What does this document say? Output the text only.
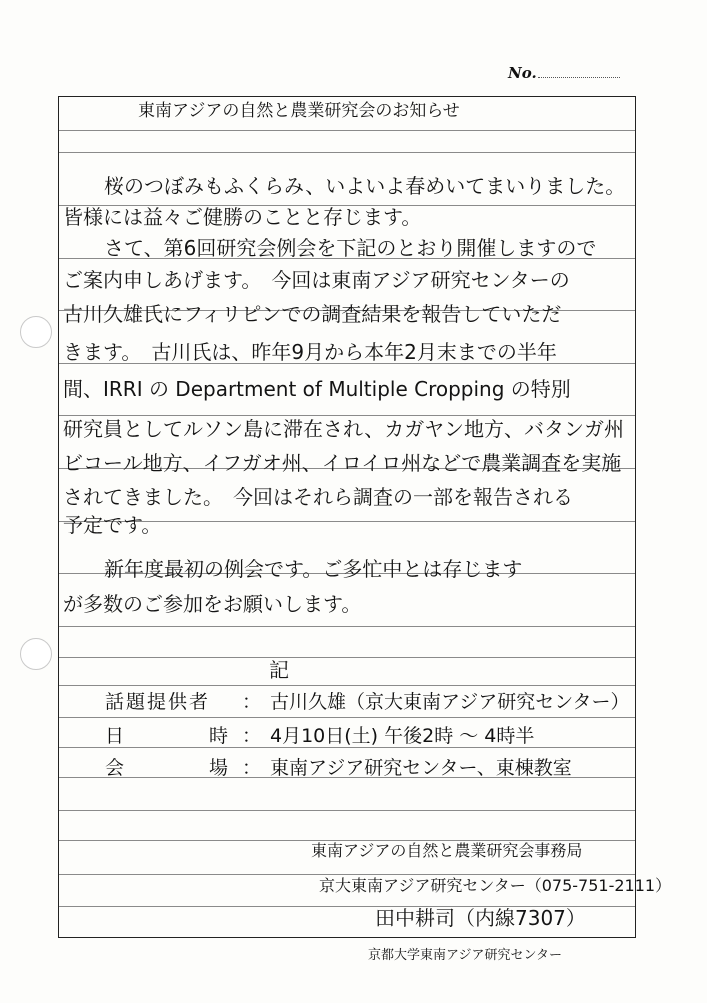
No.
東南アジアの自然と農業研究会のお知らせ
桜のつぼみもふくらみ、いよいよ春めいてまいりました。
皆様には益々ご健勝のことと存じます。
さて、第6回研究会例会を下記のとおり開催しますので
ご案内申しあげます。　今回は東南アジア研究センターの
古川久雄氏にフィリピンでの調査結果を報告していただ
きます。　古川氏は、昨年9月から本年2月末までの半年
間、IRRI の Department of Multiple Cropping の特別
研究員としてルソン島に滞在され、カガヤン地方、バタンガ州
ビコール地方、イフガオ州、イロイロ州などで農業調査を実施
されてきました。　今回はそれら調査の一部を報告される
予定です。
新年度最初の例会です。ご多忙中とは存じます
が多数のご参加をお願いします。
記
話題提供者 ： 古川久雄（京大東南アジア研究センター）
日	時 ： 4月10日(土) 午後2時 〜 4時半
会	場 ： 東南アジア研究センター、東棟教室
東南アジアの自然と農業研究会事務局
京大東南アジア研究センター（075-751-2111）
田中耕司（内線7307）
京都大学東南アジア研究センター
